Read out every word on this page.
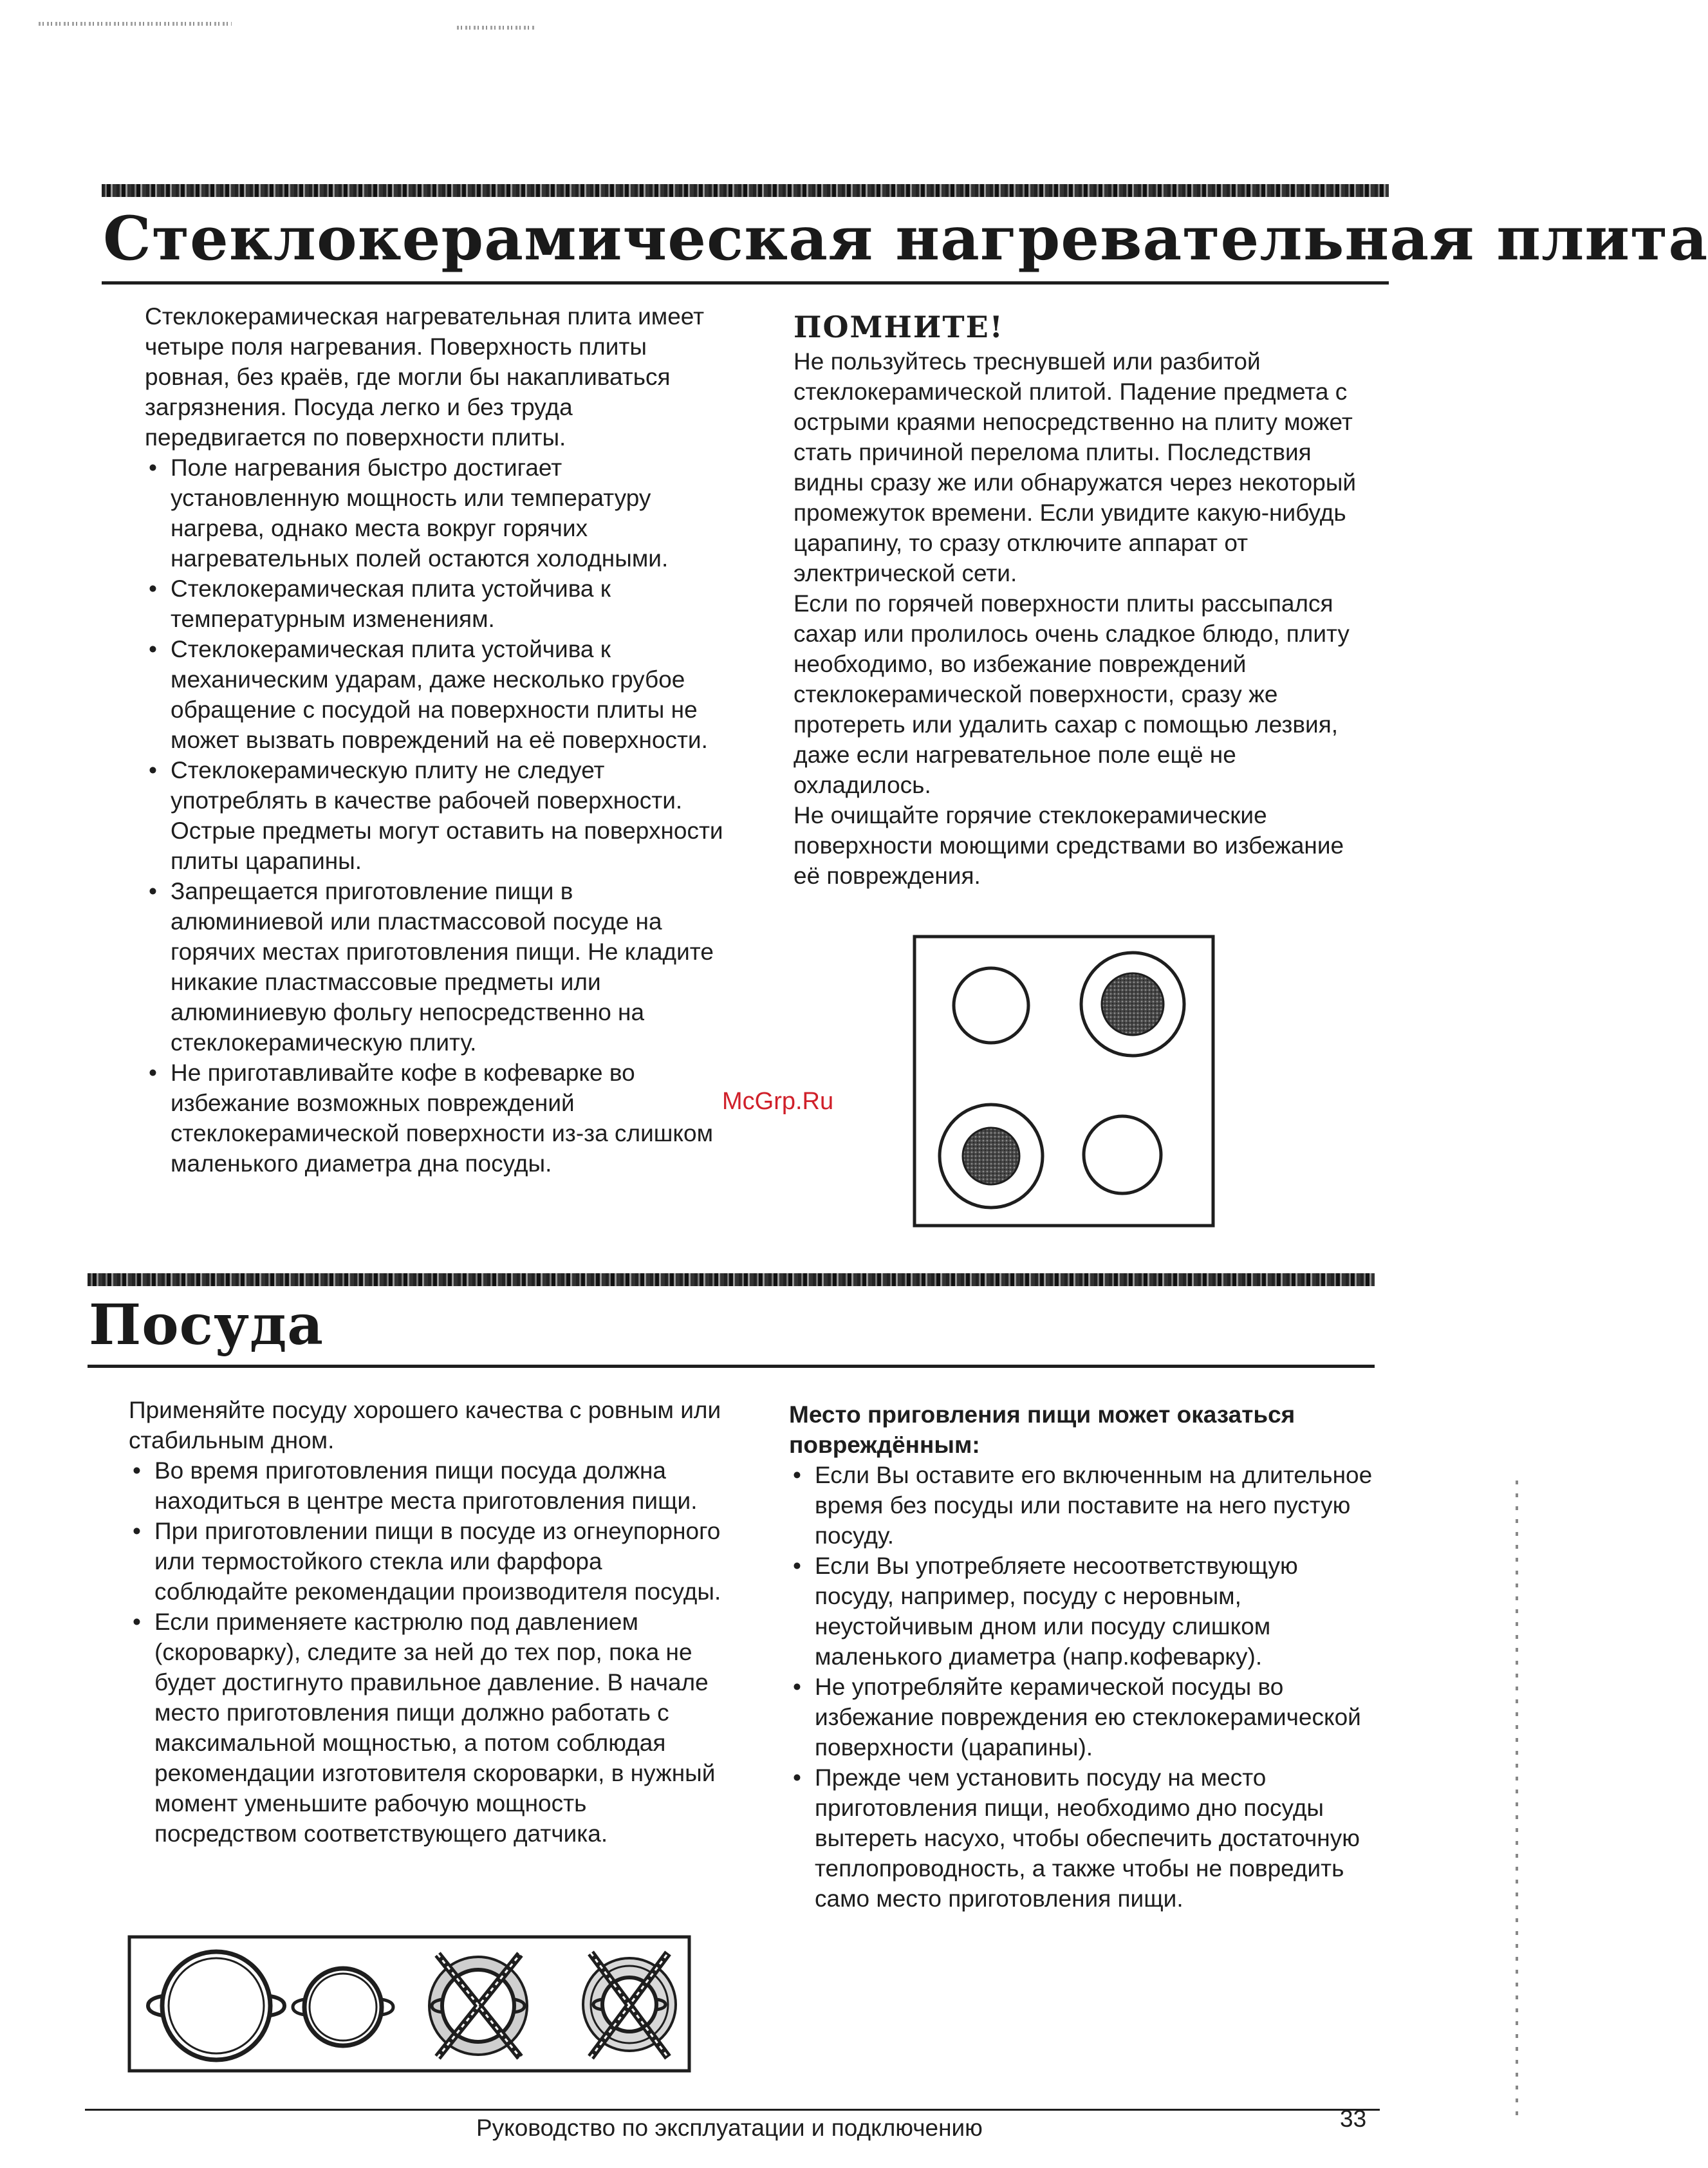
Стеклокерамическая нагревательная плита

Стеклокерамическая нагревательная плита имеет четыре поля нагревания. Поверхность плиты ровная, без краёв, где могли бы накапливаться загрязнения. Посуда легко и без труда передвигается по поверхности плиты.

• Поле нагревания быстро достигает установленную мощность или температуру нагрева, однако места вокруг горячих нагревательных полей остаются холодными.
• Стеклокерамическая плита устойчива к температурным изменениям.
• Стеклокерамическая плита устойчива к механическим ударам, даже несколько грубое обращение с посудой на поверхности плиты не может вызвать повреждений на её поверхности.
• Стеклокерамическую плиту не следует употреблять в качестве рабочей поверхности. Острые предметы могут оставить на поверхности плиты царапины.
• Запрещается приготовление пищи в алюминиевой или пластмассовой посуде на горячих местах приготовления пищи. Не кладите никакие пластмассовые предметы или алюминиевую фольгу непосредственно на стеклокерамическую плиту.
• Не приготавливайте кофе в кофеварке во избежание возможных повреждений стеклокерамической поверхности из-за слишком маленького диаметра дна посуды.
ПОМНИТЕ!

Не пользуйтесь треснувшей или разбитой стеклокерамической плитой. Падение предмета с острыми краями непосредственно на плиту может стать причиной перелома плиты. Последствия видны сразу же или обнаружатся через некоторый промежуток времени. Если увидите какую-нибудь царапину, то сразу отключите аппарат от электрической сети.

Если по горячей поверхности плиты рассыпался сахар или пролилось очень сладкое блюдо, плиту необходимо, во избежание повреждений стеклокерамической поверхности, сразу же протереть или удалить сахар с помощью лезвия, даже если нагревательное поле ещё не охладилось.

Не очищайте горячие стеклокерамические поверхности моющими средствами во избежание её повреждения.

McGrp.Ru
Посуда

Применяйте посуду хорошего качества с ровным или стабильным дном.

• Во время приготовления пищи посуда должна находиться в центре места приготовления пищи.
• При приготовлении пищи в посуде из огнеупорного или термостойкого стекла или фарфора соблюдайте рекомендации производителя посуды.
• Если применяете кастрюлю под давлением (скороварку), следите за ней до тех пор, пока не будет достигнуто правильное давление. В начале место приготовления пищи должно работать с максимальной мощностью, а потом соблюдая рекомендации изготовителя скороварки, в нужный момент уменьшите рабочую мощность посредством соответствующего датчика.

Место приговления пищи может оказаться повреждённым:

• Если Вы оставите его включенным на длительное время без посуды или поставите на него пустую посуду.
• Если Вы употребляете несоответствующую посуду, например, посуду с неровным, неустойчивым дном или посуду слишком маленького диаметра (напр.кофеварку).
• Не употребляйте керамической посуды во избежание повреждения ею стеклокерамической поверхности (царапины).
• Прежде чем установить посуду на место приготовления пищи, необходимо дно посуды вытереть насухо, чтобы обеспечить достаточную теплопроводность, а также чтобы не повредить само место приготовления пищи.
Руководство по эксплуатации и подключению	33
